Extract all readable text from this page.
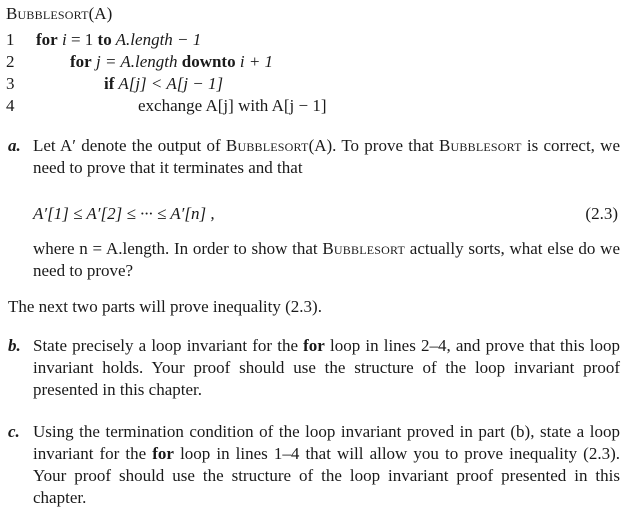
Bubblesort(A)
1 for i = 1 to A.length − 1
2	for j = A.length downto i + 1
3	if A[j] < A[j − 1]
4	exchange A[j] with A[j − 1]
a. Let A′ denote the output of Bubblesort(A). To prove that Bubblesort is correct, we need to prove that it terminates and that
A′[1] ≤ A′[2] ≤ ··· ≤ A′[n] ,	(2.3)
where n = A.length. In order to show that Bubblesort actually sorts, what else do we need to prove?
The next two parts will prove inequality (2.3).
b. State precisely a loop invariant for the for loop in lines 2–4, and prove that this loop invariant holds. Your proof should use the structure of the loop invariant proof presented in this chapter.
c. Using the termination condition of the loop invariant proved in part (b), state a loop invariant for the for loop in lines 1–4 that will allow you to prove inequality (2.3). Your proof should use the structure of the loop invariant proof presented in this chapter.
